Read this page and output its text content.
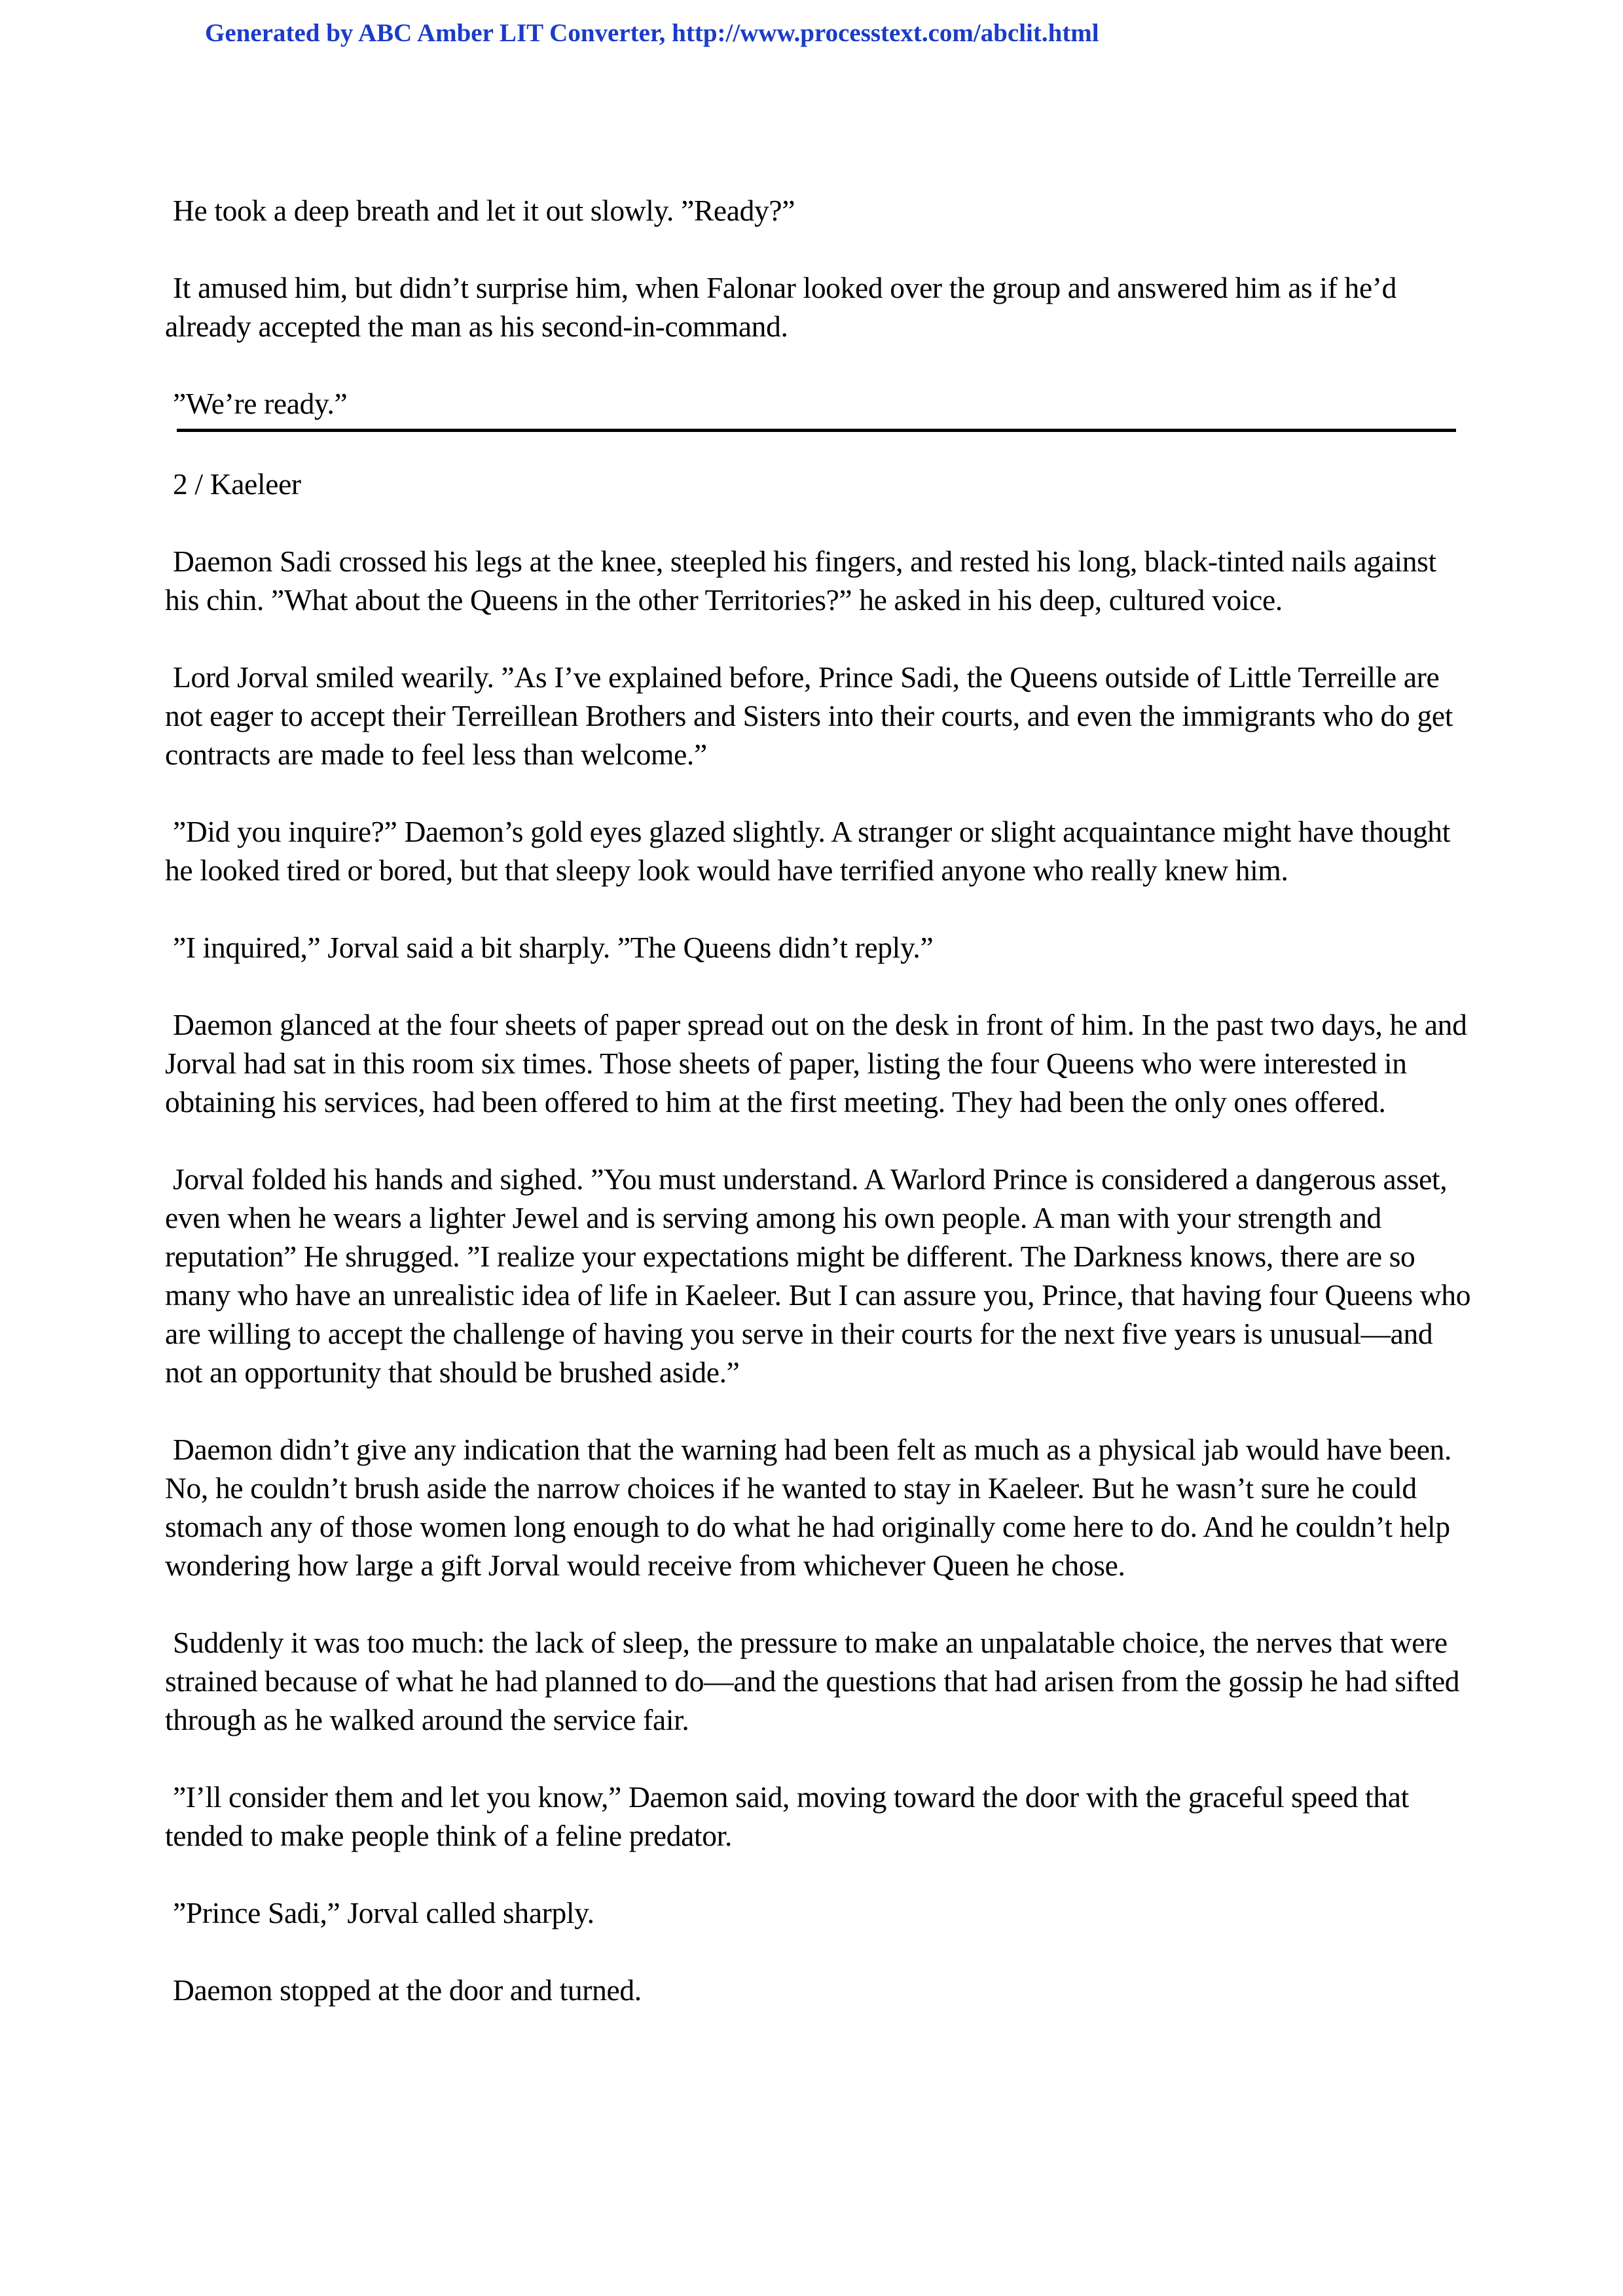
Generated by ABC Amber LIT Converter, http://www.processtext.com/abclit.html

He took a deep breath and let it out slowly. ”Ready?”

It amused him, but didn’t surprise him, when Falonar looked over the group and answered him as if he’d already accepted the man as his second-in-command.

”We’re ready.”

2 / Kaeleer

Daemon Sadi crossed his legs at the knee, steepled his fingers, and rested his long, black-tinted nails against his chin. ”What about the Queens in the other Territories?” he asked in his deep, cultured voice.

Lord Jorval smiled wearily. ”As I’ve explained before, Prince Sadi, the Queens outside of Little Terreille are not eager to accept their Terreillean Brothers and Sisters into their courts, and even the immigrants who do get contracts are made to feel less than welcome.”

”Did you inquire?” Daemon’s gold eyes glazed slightly. A stranger or slight acquaintance might have thought he looked tired or bored, but that sleepy look would have terrified anyone who really knew him.

”I inquired,” Jorval said a bit sharply. ”The Queens didn’t reply.”

Daemon glanced at the four sheets of paper spread out on the desk in front of him. In the past two days, he and Jorval had sat in this room six times. Those sheets of paper, listing the four Queens who were interested in obtaining his services, had been offered to him at the first meeting. They had been the only ones offered.

Jorval folded his hands and sighed. ”You must understand. A Warlord Prince is considered a dangerous asset, even when he wears a lighter Jewel and is serving among his own people. A man with your strength and reputation” He shrugged. ”I realize your expectations might be different. The Darkness knows, there are so many who have an unrealistic idea of life in Kaeleer. But I can assure you, Prince, that having four Queens who are willing to accept the challenge of having you serve in their courts for the next five years is unusual—and not an opportunity that should be brushed aside.”

Daemon didn’t give any indication that the warning had been felt as much as a physical jab would have been. No, he couldn’t brush aside the narrow choices if he wanted to stay in Kaeleer. But he wasn’t sure he could stomach any of those women long enough to do what he had originally come here to do. And he couldn’t help wondering how large a gift Jorval would receive from whichever Queen he chose.

Suddenly it was too much: the lack of sleep, the pressure to make an unpalatable choice, the nerves that were strained because of what he had planned to do—and the questions that had arisen from the gossip he had sifted through as he walked around the service fair.

”I’ll consider them and let you know,” Daemon said, moving toward the door with the graceful speed that tended to make people think of a feline predator.

”Prince Sadi,” Jorval called sharply.

Daemon stopped at the door and turned.
